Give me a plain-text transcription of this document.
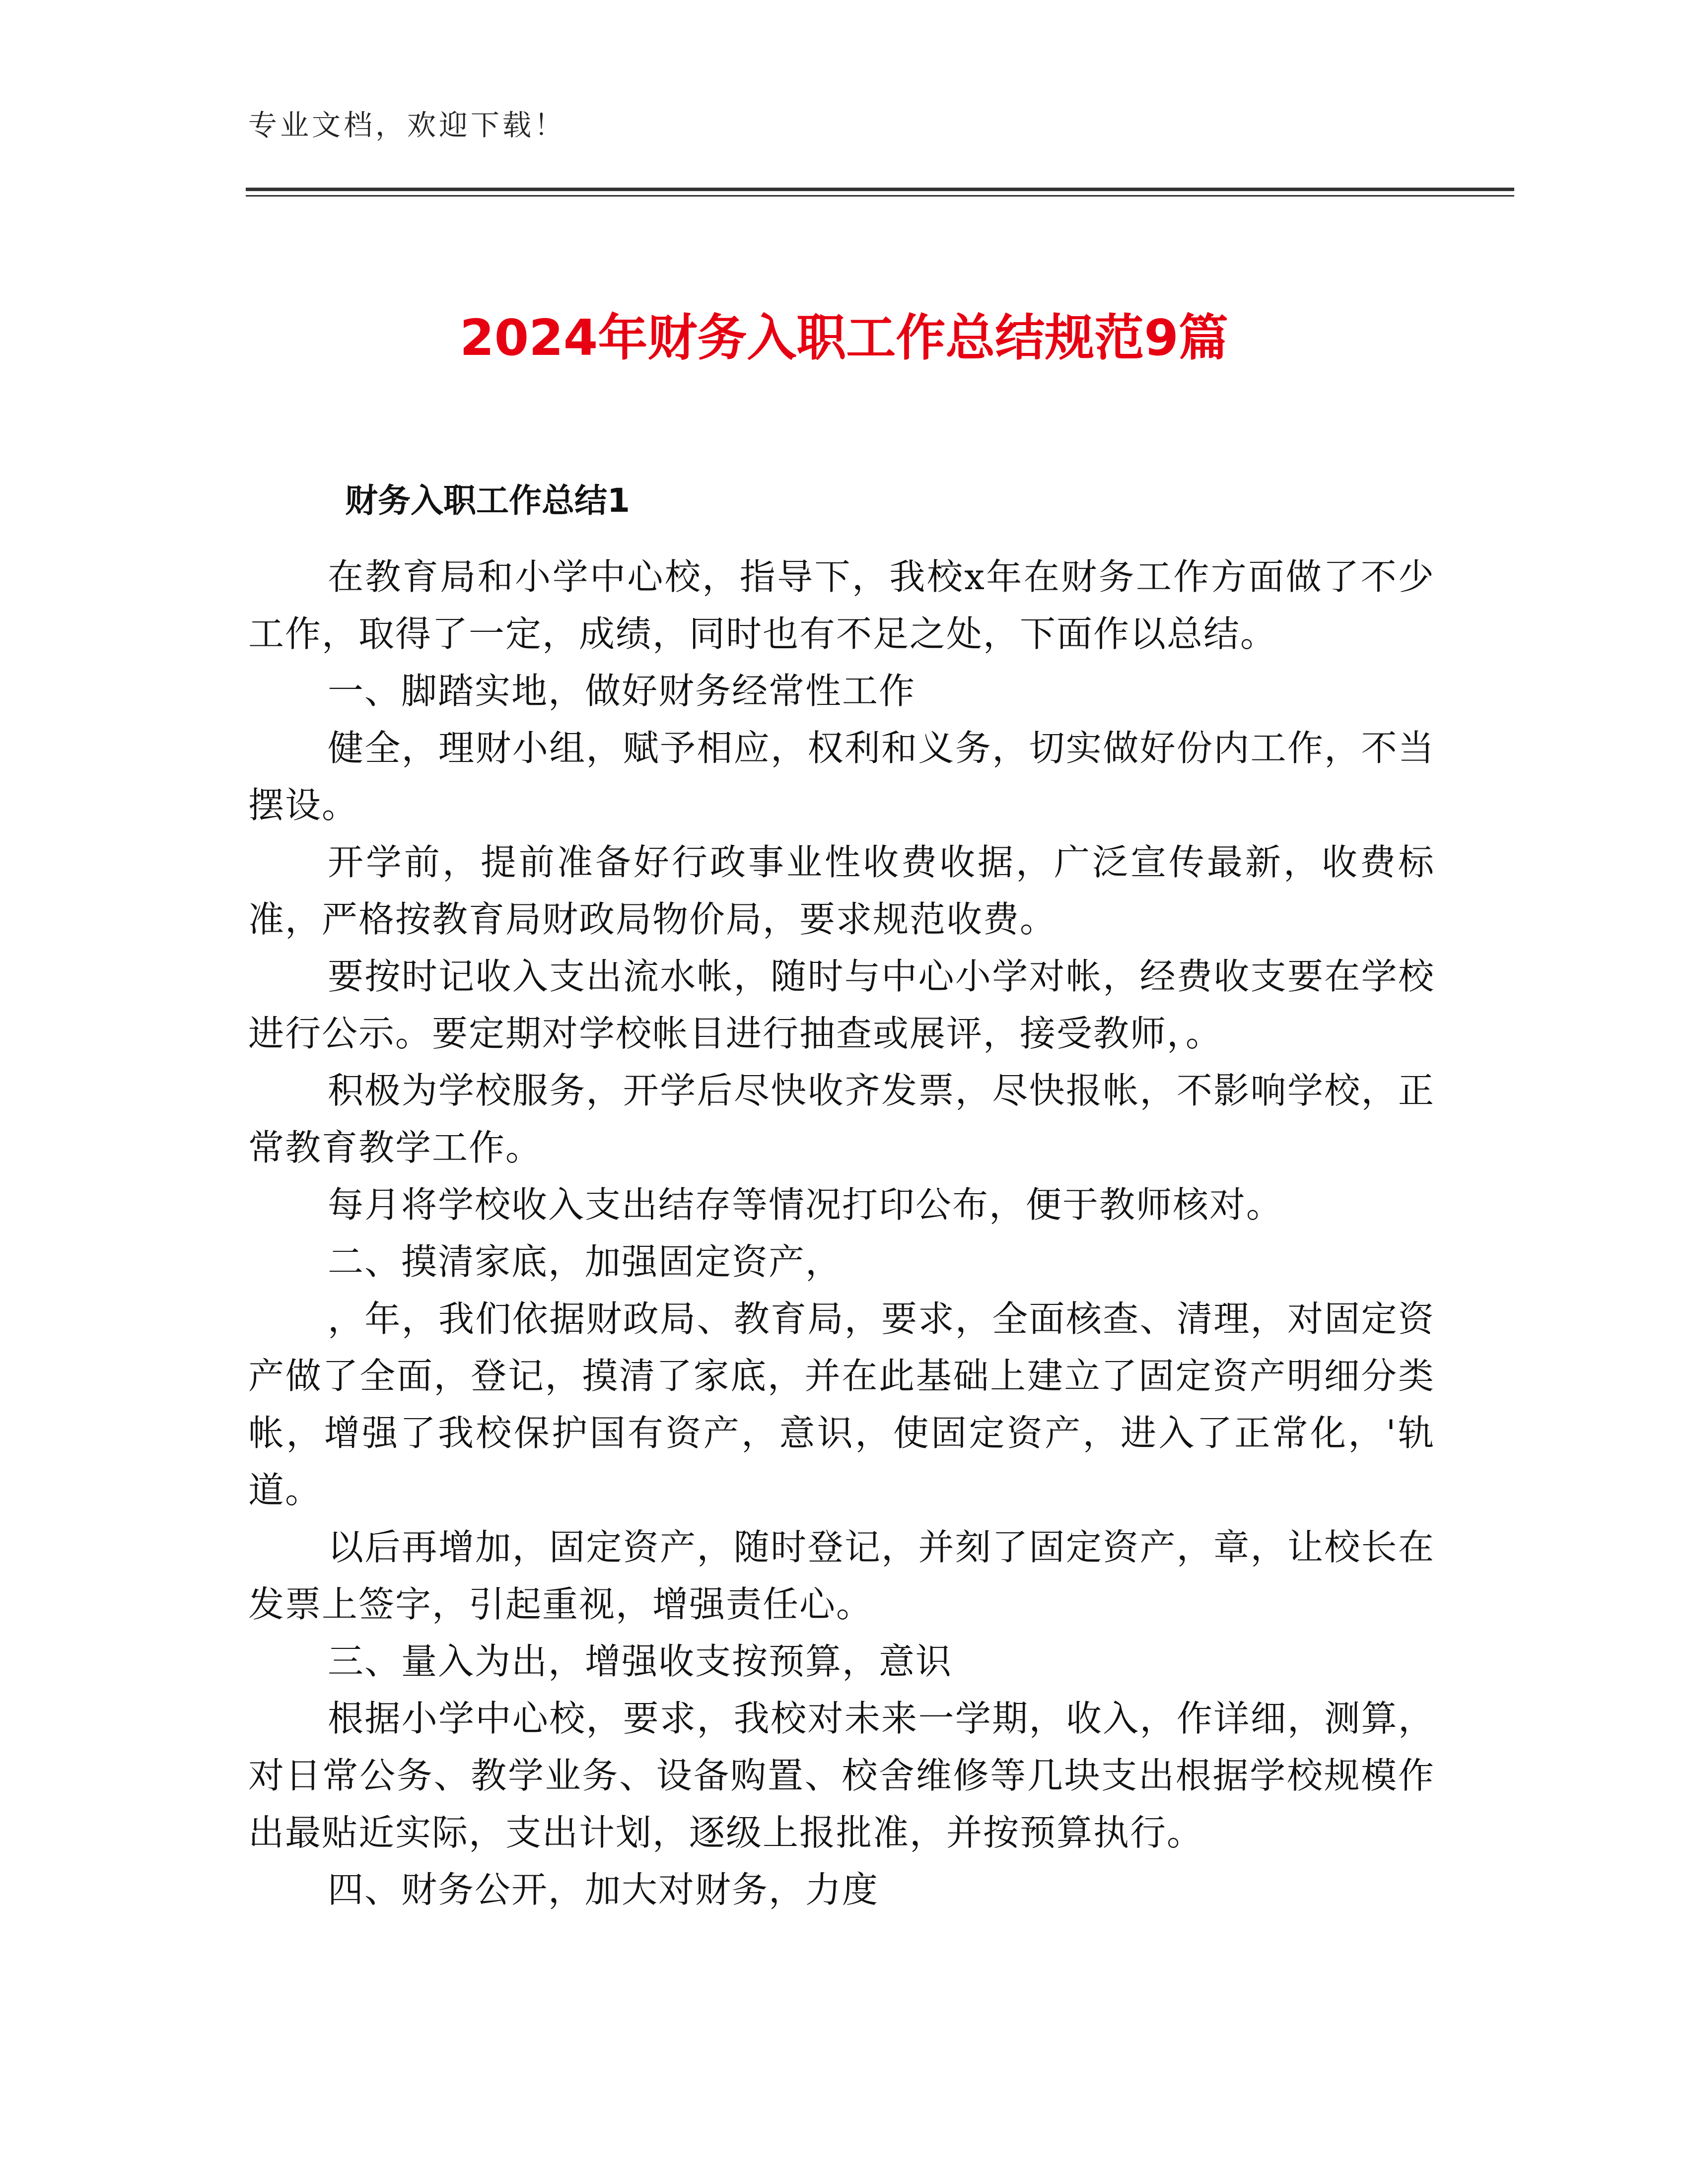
专业文档，欢迎下载！
2024年财务入职工作总结规范9篇
财务入职工作总结1

在教育局和小学中心校，指导下，我校x年在财务工作方面做了不少工作，取得了一定，成绩，同时也有不足之处，下面作以总结。

一、脚踏实地，做好财务经常性工作

健全，理财小组，赋予相应，权利和义务，切实做好份内工作，不当摆设。

开学前，提前准备好行政事业性收费收据，广泛宣传最新，收费标准，严格按教育局财政局物价局，要求规范收费。

要按时记收入支出流水帐，随时与中心小学对帐，经费收支要在学校进行公示。要定期对学校帐目进行抽查或展评，接受教师，。

积极为学校服务，开学后尽快收齐发票，尽快报帐，不影响学校，正常教育教学工作。

每月将学校收入支出结存等情况打印公布，便于教师核对。

二、摸清家底，加强固定资产，

，年，我们依据财政局、教育局，要求，全面核查、清理，对固定资产做了全面，登记，摸清了家底，并在此基础上建立了固定资产明细分类帐，增强了我校保护国有资产，意识，使固定资产，进入了正常化，'轨道。

以后再增加，固定资产，随时登记，并刻了固定资产，章，让校长在发票上签字，引起重视，增强责任心。

三、量入为出，增强收支按预算，意识

根据小学中心校，要求，我校对未来一学期，收入，作详细，测算，对日常公务、教学业务、设备购置、校舍维修等几块支出根据学校规模作出最贴近实际，支出计划，逐级上报批准，并按预算执行。

四、财务公开，加大对财务，力度
